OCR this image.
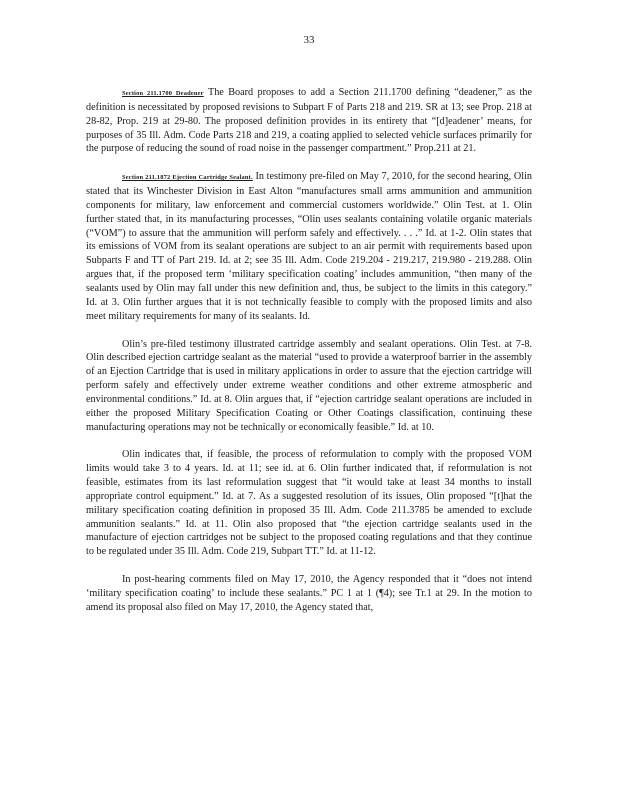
33

Section 211.1700 Deadener The Board proposes to add a Section 211.1700 defining “deadener,” as the definition is necessitated by proposed revisions to Subpart F of Parts 218 and 219. SR at 13; see Prop. 218 at 28-82, Prop. 219 at 29-80. The proposed definition provides in its entirety that “[d]eadener’ means, for purposes of 35 Ill. Adm. Code Parts 218 and 219, a coating applied to selected vehicle surfaces primarily for the purpose of reducing the sound of road noise in the passenger compartment.” Prop.211 at 21.

Section 211.1872 Ejection Cartridge Sealant. In testimony pre-filed on May 7, 2010, for the second hearing, Olin stated that its Winchester Division in East Alton “manufactures small arms ammunition and ammunition components for military, law enforcement and commercial customers worldwide.” Olin Test. at 1. Olin further stated that, in its manufacturing processes, “Olin uses sealants containing volatile organic materials (“VOM”) to assure that the ammunition will perform safely and effectively. . . .” Id. at 1-2. Olin states that its emissions of VOM from its sealant operations are subject to an air permit with requirements based upon Subparts F and TT of Part 219. Id. at 2; see 35 Ill. Adm. Code 219.204 - 219.217, 219.980 - 219.288. Olin argues that, if the proposed term ‘military specification coating’ includes ammunition, “then many of the sealants used by Olin may fall under this new definition and, thus, be subject to the limits in this category.” Id. at 3. Olin further argues that it is not technically feasible to comply with the proposed limits and also meet military requirements for many of its sealants. Id.

Olin’s pre-filed testimony illustrated cartridge assembly and sealant operations. Olin Test. at 7-8. Olin described ejection cartridge sealant as the material “used to provide a waterproof barrier in the assembly of an Ejection Cartridge that is used in military applications in order to assure that the ejection cartridge will perform safely and effectively under extreme weather conditions and other extreme atmospheric and environmental conditions.” Id. at 8. Olin argues that, if “ejection cartridge sealant operations are included in either the proposed Military Specification Coating or Other Coatings classification, continuing these manufacturing operations may not be technically or economically feasible.” Id. at 10.

Olin indicates that, if feasible, the process of reformulation to comply with the proposed VOM limits would take 3 to 4 years. Id. at 11; see id. at 6. Olin further indicated that, if reformulation is not feasible, estimates from its last reformulation suggest that “it would take at least 34 months to install appropriate control equipment.” Id. at 7. As a suggested resolution of its issues, Olin proposed “[t]hat the military specification coating definition in proposed 35 Ill. Adm. Code 211.3785 be amended to exclude ammunition sealants.” Id. at 11. Olin also proposed that “the ejection cartridge sealants used in the manufacture of ejection cartridges not be subject to the proposed coating regulations and that they continue to be regulated under 35 Ill. Adm. Code 219, Subpart TT.” Id. at 11-12.

In post-hearing comments filed on May 17, 2010, the Agency responded that it “does not intend ‘military specification coating’ to include these sealants.” PC 1 at 1 (¶4); see Tr.1 at 29. In the motion to amend its proposal also filed on May 17, 2010, the Agency stated that,
